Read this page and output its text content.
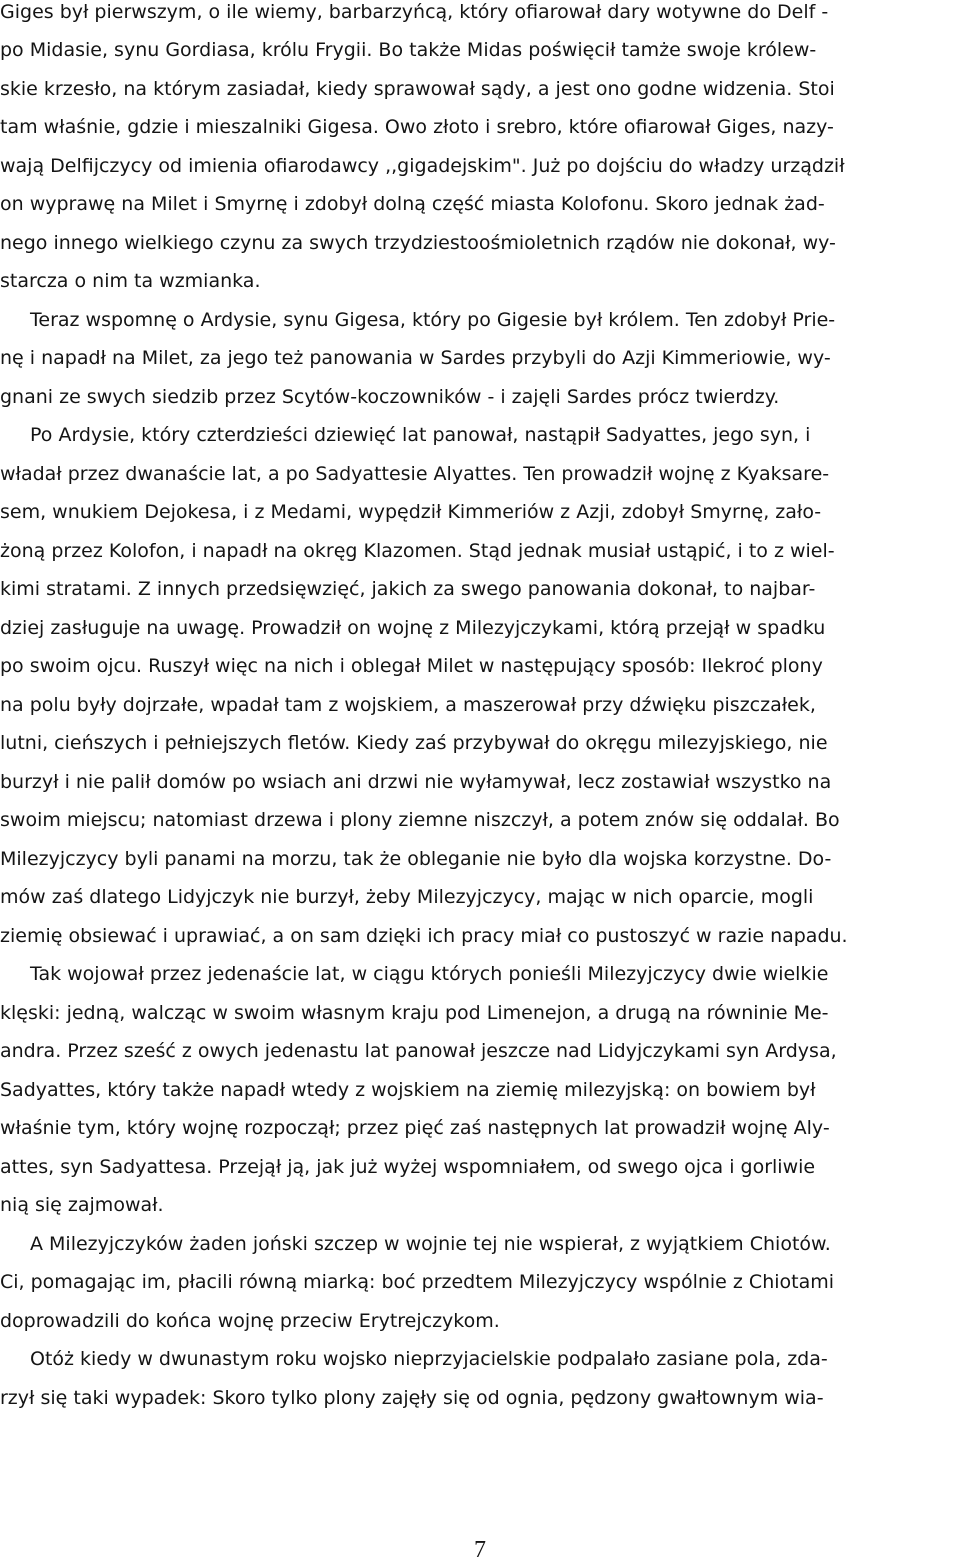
Giges był pierwszym, o ile wiemy, barbarzyńcą, który ofiarował dary wotywne do Delf -

po Midasie, synu Gordiasa, królu Frygii. Bo także Midas poświęcił tamże swoje królew-

skie krzesło, na którym zasiadał, kiedy sprawował sądy, a jest ono godne widzenia. Stoi

tam właśnie, gdzie i mieszalniki Gigesa. Owo złoto i srebro, które ofiarował Giges, nazy-

wają Delfijczycy od imienia ofiarodawcy ,,gigadejskim". Już po dojściu do władzy urządził

on wyprawę na Milet i Smyrnę i zdobył dolną część miasta Kolofonu. Skoro jednak żad-

nego innego wielkiego czynu za swych trzydziestoośmioletnich rządów nie dokonał, wy-

starcza o nim ta wzmianka.

Teraz wspomnę o Ardysie, synu Gigesa, który po Gigesie był królem. Ten zdobył Prie-

nę i napadł na Milet, za jego też panowania w Sardes przybyli do Azji Kimmeriowie, wy-

gnani ze swych siedzib przez Scytów-koczowników - i zajęli Sardes prócz twierdzy.

Po Ardysie, który czterdzieści dziewięć lat panował, nastąpił Sadyattes, jego syn, i

władał przez dwanaście lat, a po Sadyattesie Alyattes. Ten prowadził wojnę z Kyaksare-

sem, wnukiem Dejokesa, i z Medami, wypędził Kimmeriów z Azji, zdobył Smyrnę, zało-

żoną przez Kolofon, i napadł na okręg Klazomen. Stąd jednak musiał ustąpić, i to z wiel-

kimi stratami. Z innych przedsięwzięć, jakich za swego panowania dokonał, to najbar-

dziej zasługuje na uwagę. Prowadził on wojnę z Milezyjczykami, którą przejął w spadku

po swoim ojcu. Ruszył więc na nich i oblegał Milet w następujący sposób: Ilekroć plony

na polu były dojrzałe, wpadał tam z wojskiem, a maszerował przy dźwięku piszczałek,

lutni, cieńszych i pełniejszych fletów. Kiedy zaś przybywał do okręgu milezyjskiego, nie

burzył i nie palił domów po wsiach ani drzwi nie wyłamywał, lecz zostawiał wszystko na

swoim miejscu; natomiast drzewa i plony ziemne niszczył, a potem znów się oddalał. Bo

Milezyjczycy byli panami na morzu, tak że obleganie nie było dla wojska korzystne. Do-

mów zaś dlatego Lidyjczyk nie burzył, żeby Milezyjczycy, mając w nich oparcie, mogli

ziemię obsiewać i uprawiać, a on sam dzięki ich pracy miał co pustoszyć w razie napadu.

Tak wojował przez jedenaście lat, w ciągu których ponieśli Milezyjczycy dwie wielkie

klęski: jedną, walcząc w swoim własnym kraju pod Limenejon, a drugą na równinie Me-

andra. Przez sześć z owych jedenastu lat panował jeszcze nad Lidyjczykami syn Ardysa,

Sadyattes, który także napadł wtedy z wojskiem na ziemię milezyjską: on bowiem był

właśnie tym, który wojnę rozpoczął; przez pięć zaś następnych lat prowadził wojnę Aly-

attes, syn Sadyattesa. Przejął ją, jak już wyżej wspomniałem, od swego ojca i gorliwie

nią się zajmował.

A Milezyjczyków żaden joński szczep w wojnie tej nie wspierał, z wyjątkiem Chiotów.

Ci, pomagając im, płacili równą miarką: boć przedtem Milezyjczycy wspólnie z Chiotami

doprowadzili do końca wojnę przeciw Erytrejczykom.

Otóż kiedy w dwunastym roku wojsko nieprzyjacielskie podpalało zasiane pola, zda-

rzył się taki wypadek: Skoro tylko plony zajęły się od ognia, pędzony gwałtownym wia-

7
